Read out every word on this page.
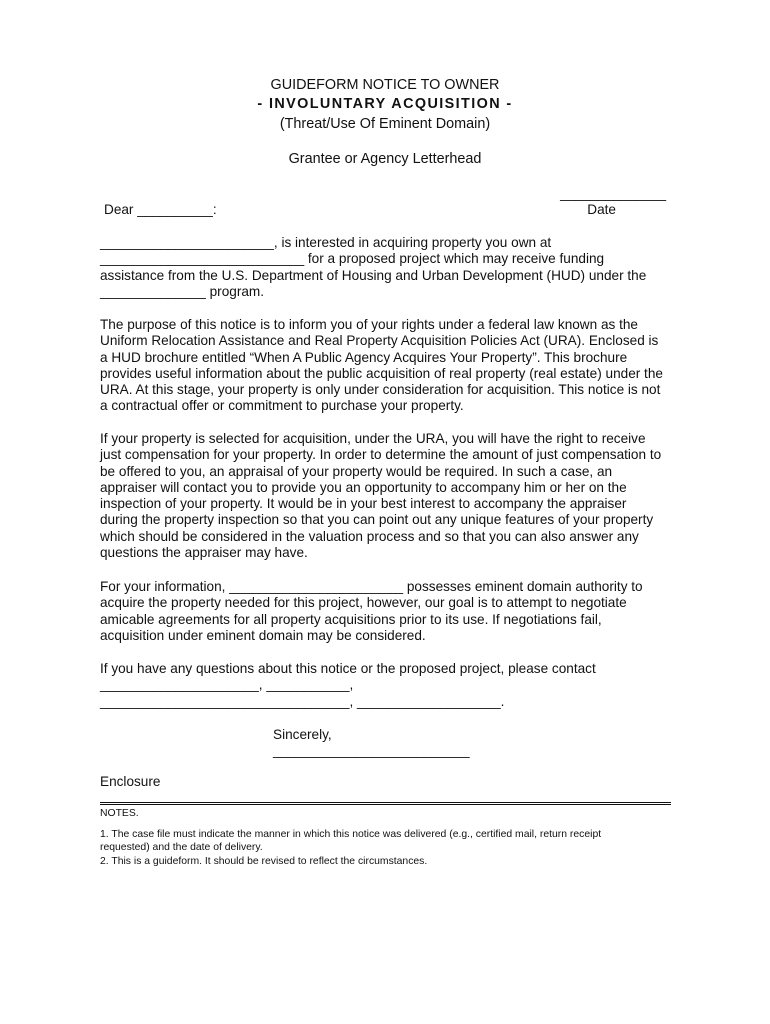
GUIDEFORM NOTICE TO OWNER
- INVOLUNTARY ACQUISITION -
(Threat/Use Of Eminent Domain)
Grantee or Agency Letterhead
______________
Dear __________:	Date

_______________________, is interested in acquiring property you own at

___________________________ for a proposed project which may receive funding

assistance from the U.S. Department of Housing and Urban Development (HUD) under the

______________ program.

The purpose of this notice is to inform you of your rights under a federal law known as the

Uniform Relocation Assistance and Real Property Acquisition Policies Act (URA). Enclosed is

a HUD brochure entitled “When A Public Agency Acquires Your Property”. This brochure

provides useful information about the public acquisition of real property (real estate) under the

URA. At this stage, your property is only under consideration for acquisition. This notice is not

a contractual offer or commitment to purchase your property.

If your property is selected for acquisition, under the URA, you will have the right to receive

just compensation for your property. In order to determine the amount of just compensation to

be offered to you, an appraisal of your property would be required. In such a case, an

appraiser will contact you to provide you an opportunity to accompany him or her on the

inspection of your property. It would be in your best interest to accompany the appraiser

during the property inspection so that you can point out any unique features of your property

which should be considered in the valuation process and so that you can also answer any

questions the appraiser may have.

For your information, _______________________ possesses eminent domain authority to

acquire the property needed for this project, however, our goal is to attempt to negotiate

amicable agreements for all property acquisitions prior to its use. If negotiations fail,

acquisition under eminent domain may be considered.

If you have any questions about this notice or the proposed project, please contact

_____________________, ___________,

_________________________________, ___________________.

Sincerely,
__________________________
Enclosure
NOTES.
1. The case file must indicate the manner in which this notice was delivered (e.g., certified mail, return receipt
requested) and the date of delivery.
2. This is a guideform. It should be revised to reflect the circumstances.
